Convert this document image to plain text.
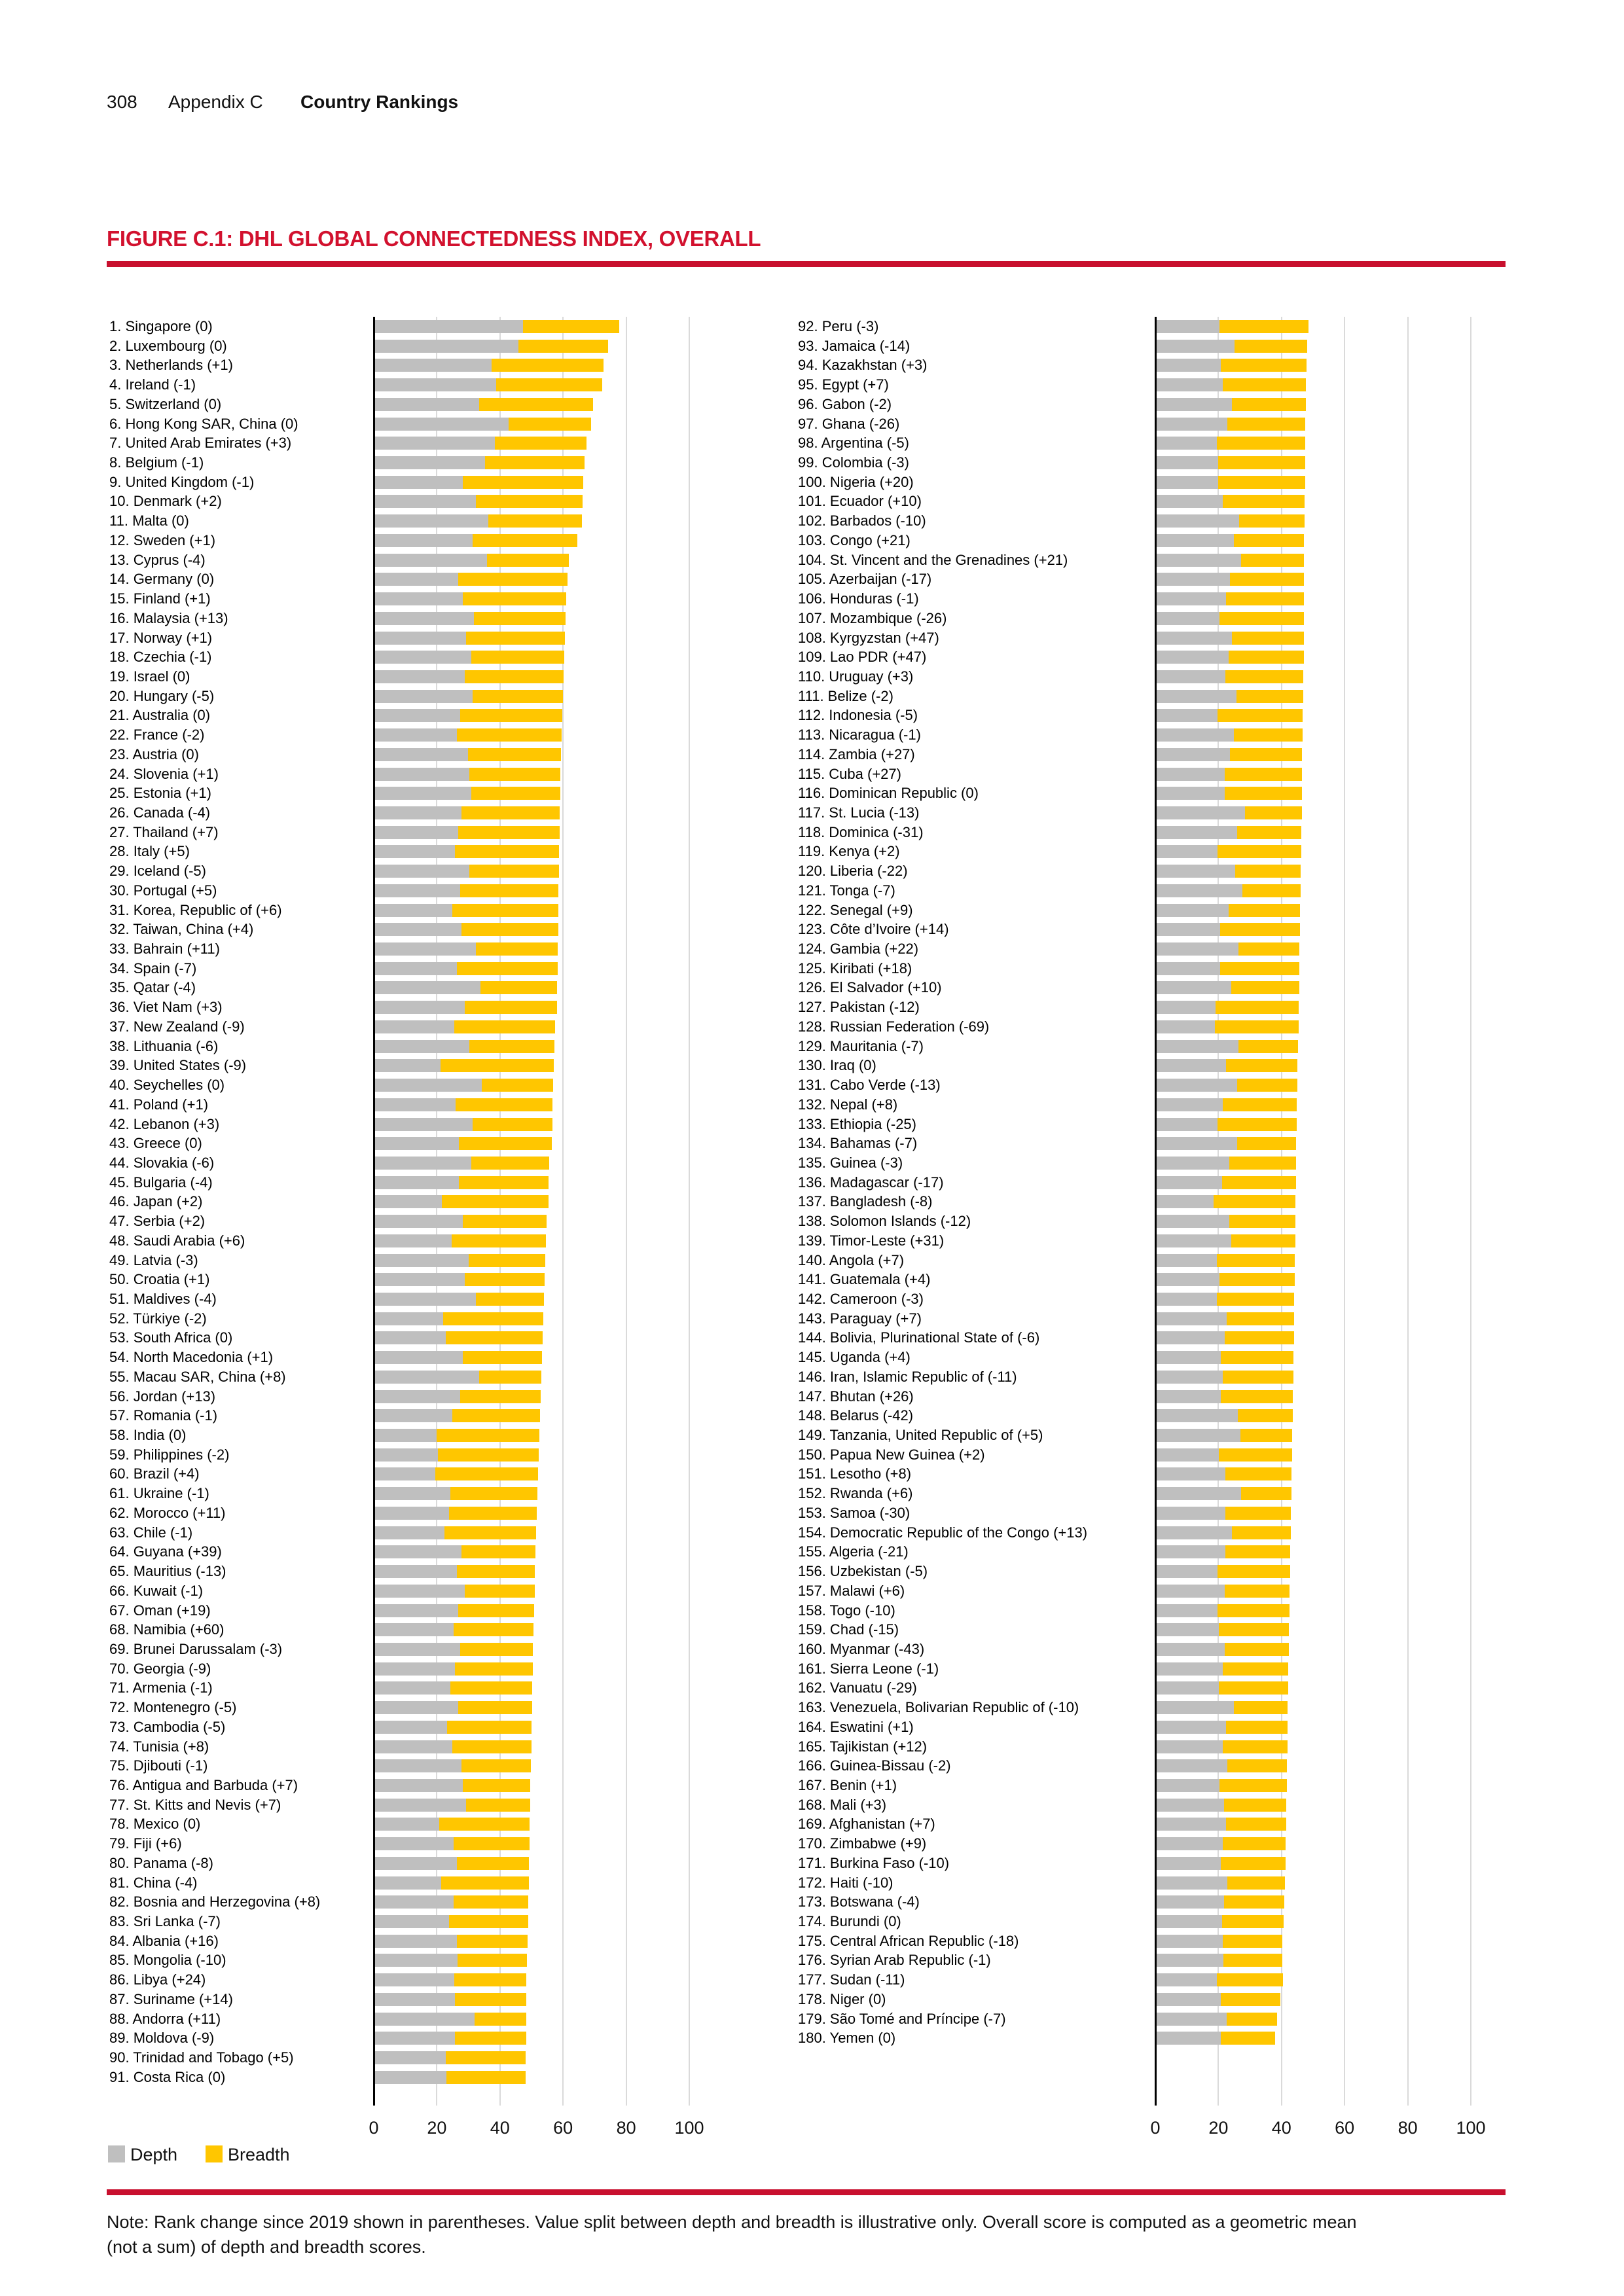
308 Appendix C Country Rankings
FIGURE C.1: DHL GLOBAL CONNECTEDNESS INDEX, OVERALL
0	20	40	60	80	100
1. Singapore (0)
2. Luxembourg (0)
3. Netherlands (+1)
4. Ireland (-1)
5. Switzerland (0)
6. Hong Kong SAR, China (0)
7. United Arab Emirates (+3)
8. Belgium (-1)
9. United Kingdom (-1)
10. Denmark (+2)
11. Malta (0)
12. Sweden (+1)
13. Cyprus (-4)
14. Germany (0)
15. Finland (+1)
16. Malaysia (+13)
17. Norway (+1)
18. Czechia (-1)
19. Israel (0)
20. Hungary (-5)
21. Australia (0)
22. France (-2)
23. Austria (0)
24. Slovenia (+1)
25. Estonia (+1)
26. Canada (-4)
27. Thailand (+7)
28. Italy (+5)
29. Iceland (-5)
30. Portugal (+5)
31. Korea, Republic of (+6)
32. Taiwan, China (+4)
33. Bahrain (+11)
34. Spain (-7)
35. Qatar (-4)
36. Viet Nam (+3)
37. New Zealand (-9)
38. Lithuania (-6)
39. United States (-9)
40. Seychelles (0)
41. Poland (+1)
42. Lebanon (+3)
43. Greece (0)
44. Slovakia (-6)
45. Bulgaria (-4)
46. Japan (+2)
47. Serbia (+2)
48. Saudi Arabia (+6)
49. Latvia (-3)
50. Croatia (+1)
51. Maldives (-4)
52. Türkiye (-2)
53. South Africa (0)
54. North Macedonia (+1)
55. Macau SAR, China (+8)
56. Jordan (+13)
57. Romania (-1)
58. India (0)
59. Philippines (-2)
60. Brazil (+4)
61. Ukraine (-1)
62. Morocco (+11)
63. Chile (-1)
64. Guyana (+39)
65. Mauritius (-13)
66. Kuwait (-1)
67. Oman (+19)
68. Namibia (+60)
69. Brunei Darussalam (-3)
70. Georgia (-9)
71. Armenia (-1)
72. Montenegro (-5)
73. Cambodia (-5)
74. Tunisia (+8)
75. Djibouti (-1)
76. Antigua and Barbuda (+7)
77. St. Kitts and Nevis (+7)
78. Mexico (0)
79. Fiji (+6)
80. Panama (-8)
81. China (-4)
82. Bosnia and Herzegovina (+8)
83. Sri Lanka (-7)
84. Albania (+16)
85. Mongolia (-10)
86. Libya (+24)
87. Suriname (+14)
88. Andorra (+11)
89. Moldova (-9)
90. Trinidad and Tobago (+5)
91. Costa Rica (0)
0	20	40	60	80	100
92. Peru (-3)
93. Jamaica (-14)
94. Kazakhstan (+3)
95. Egypt (+7)
96. Gabon (-2)
97. Ghana (-26)
98. Argentina (-5)
99. Colombia (-3)
100. Nigeria (+20)
101. Ecuador (+10)
102. Barbados (-10)
103. Congo (+21)
104. St. Vincent and the Grenadines (+21)
105. Azerbaijan (-17)
106. Honduras (-1)
107. Mozambique (-26)
108. Kyrgyzstan (+47)
109. Lao PDR (+47)
110. Uruguay (+3)
111. Belize (-2)
112. Indonesia (-5)
113. Nicaragua (-1)
114. Zambia (+27)
115. Cuba (+27)
116. Dominican Republic (0)
117. St. Lucia (-13)
118. Dominica (-31)
119. Kenya (+2)
120. Liberia (-22)
121. Tonga (-7)
122. Senegal (+9)
123. Côte d’Ivoire (+14)
124. Gambia (+22)
125. Kiribati (+18)
126. El Salvador (+10)
127. Pakistan (-12)
128. Russian Federation (-69)
129. Mauritania (-7)
130. Iraq (0)
131. Cabo Verde (-13)
132. Nepal (+8)
133. Ethiopia (-25)
134. Bahamas (-7)
135. Guinea (-3)
136. Madagascar (-17)
137. Bangladesh (-8)
138. Solomon Islands (-12)
139. Timor-Leste (+31)
140. Angola (+7)
141. Guatemala (+4)
142. Cameroon (-3)
143. Paraguay (+7)
144. Bolivia, Plurinational State of (-6)
145. Uganda (+4)
146. Iran, Islamic Republic of (-11)
147. Bhutan (+26)
148. Belarus (-42)
149. Tanzania, United Republic of (+5)
150. Papua New Guinea (+2)
151. Lesotho (+8)
152. Rwanda (+6)
153. Samoa (-30)
154. Democratic Republic of the Congo (+13)
155. Algeria (-21)
156. Uzbekistan (-5)
157. Malawi (+6)
158. Togo (-10)
159. Chad (-15)
160. Myanmar (-43)
161. Sierra Leone (-1)
162. Vanuatu (-29)
163. Venezuela, Bolivarian Republic of (-10)
164. Eswatini (+1)
165. Tajikistan (+12)
166. Guinea-Bissau (-2)
167. Benin (+1)
168. Mali (+3)
169. Afghanistan (+7)
170. Zimbabwe (+9)
171. Burkina Faso (-10)
172. Haiti (-10)
173. Botswana (-4)
174. Burundi (0)
175. Central African Republic (-18)
176. Syrian Arab Republic (-1)
177. Sudan (-11)
178. Niger (0)
179. São Tomé and Príncipe (-7)
180. Yemen (0)
Depth	Breadth
Note: Rank change since 2019 shown in parentheses. Value split between depth and breadth is illustrative only. Overall score is computed as a geometric mean
(not a sum) of depth and breadth scores.
